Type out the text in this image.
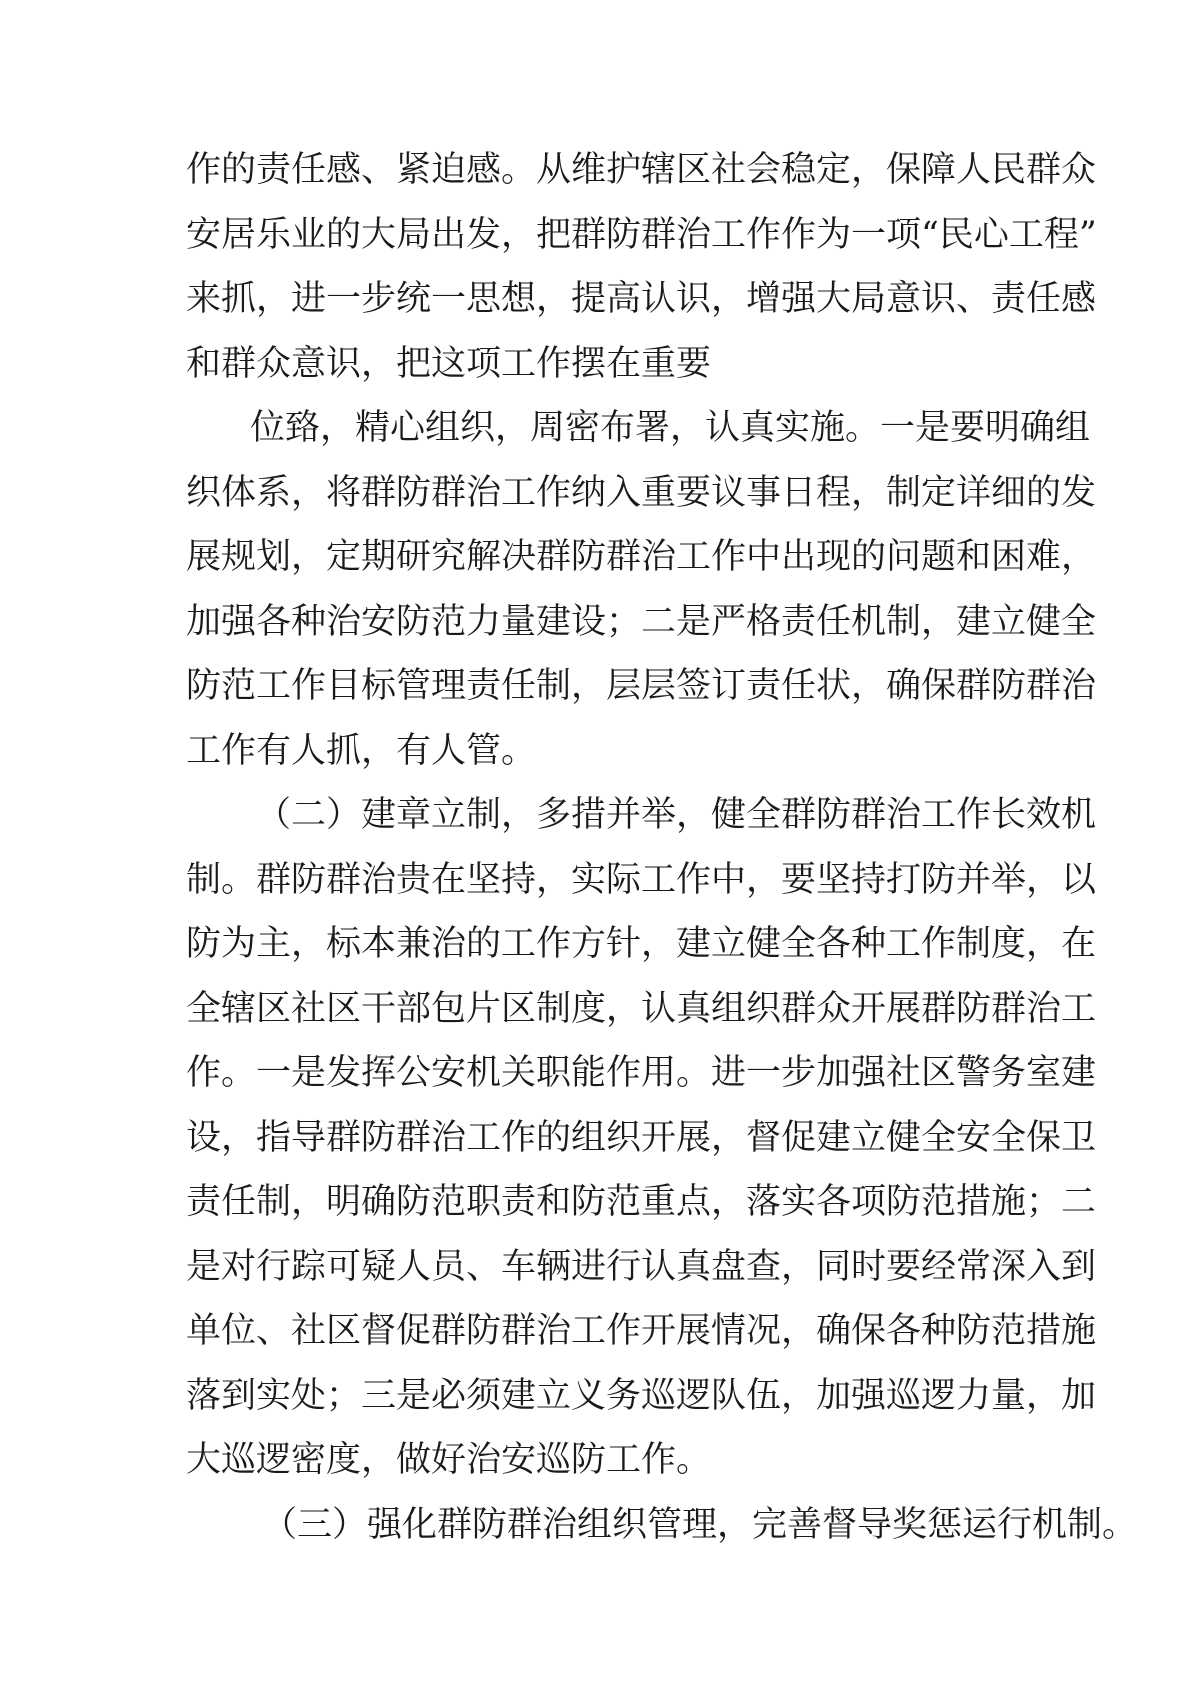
作的责任感、紧迫感。从维护辖区社会稳定，保障人民群众
安居乐业的大局出发，把群防群治工作作为一项“民心工程”
来抓，进一步统一思想，提高认识，增强大局意识、责任感
和群众意识，把这项工作摆在重要
位臵，精心组织，周密布署，认真实施。一是要明确组
织体系，将群防群治工作纳入重要议事日程，制定详细的发
展规划，定期研究解决群防群治工作中出现的问题和困难，
加强各种治安防范力量建设；二是严格责任机制，建立健全
防范工作目标管理责任制，层层签订责任状，确保群防群治
工作有人抓，有人管。
（二）建章立制，多措并举，健全群防群治工作长效机
制。群防群治贵在坚持，实际工作中，要坚持打防并举，以
防为主，标本兼治的工作方针，建立健全各种工作制度，在
全辖区社区干部包片区制度，认真组织群众开展群防群治工
作。一是发挥公安机关职能作用。进一步加强社区警务室建
设，指导群防群治工作的组织开展，督促建立健全安全保卫
责任制，明确防范职责和防范重点，落实各项防范措施；二
是对行踪可疑人员、车辆进行认真盘查，同时要经常深入到
单位、社区督促群防群治工作开展情况，确保各种防范措施
落到实处；三是必须建立义务巡逻队伍，加强巡逻力量，加
大巡逻密度，做好治安巡防工作。
（三）强化群防群治组织管理，完善督导奖惩运行机制。
